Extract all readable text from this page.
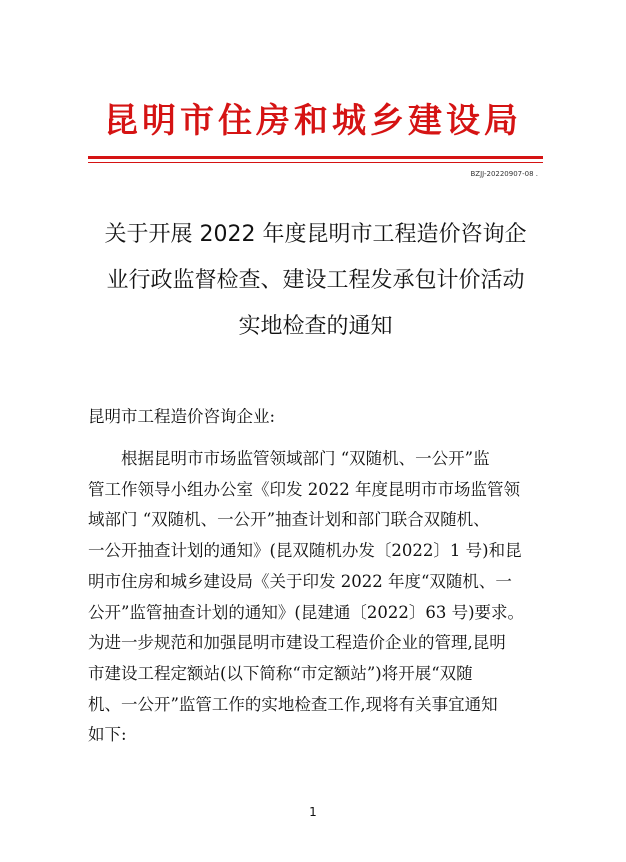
昆明市住房和城乡建设局
BZJJ-20220907-08 .
关于开展 2022 年度昆明市工程造价咨询企
业行政监督检查、建设工程发承包计价活动
实地检查的通知
昆明市工程造价咨询企业:
根据昆明市市场监管领域部门 “双随机、一公开”监
管工作领导小组办公室《印发 2022 年度昆明市市场监管领
域部门 “双随机、一公开”抽查计划和部门联合双随机、
一公开抽查计划的通知》(昆双随机办发〔2022〕1 号)和昆
明市住房和城乡建设局《关于印发 2022 年度“双随机、一
公开”监管抽查计划的通知》(昆建通〔2022〕63 号)要求。
为进一步规范和加强昆明市建设工程造价企业的管理,昆明
市建设工程定额站(以下简称“市定额站”)将开展“双随
机、一公开”监管工作的实地检查工作,现将有关事宜通知
如下:
1
